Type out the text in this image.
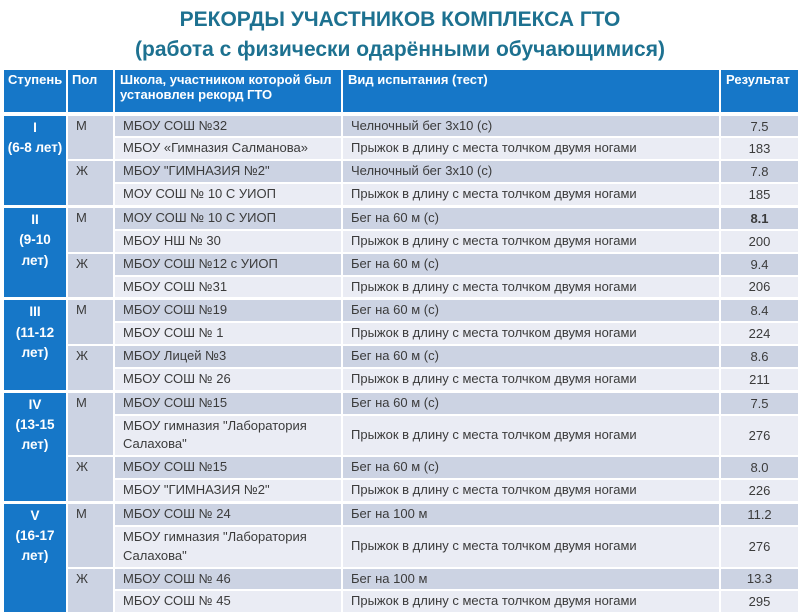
РЕКОРДЫ УЧАСТНИКОВ КОМПЛЕКСА ГТО
(работа с физически одарёнными обучающимися)
Ступень	Пол	Школа, участником которой был установлен рекорд ГТО	Вид испытания (тест)	Результат

I
(6-8 лет)	М	МБОУ СОШ №32	Челночный бег 3х10 (с)	7.5
		МБОУ «Гимназия Салманова»	Прыжок в длину с места толчком двумя ногами	183
	Ж	МБОУ "ГИМНАЗИЯ №2"	Челночный бег 3х10 (с)	7.8
		МОУ СОШ № 10 С УИОП	Прыжок в длину с места толчком двумя ногами	185

II
(9-10 лет)	М	МОУ СОШ № 10 С УИОП	Бег на 60 м (с)	8.1
		МБОУ НШ № 30	Прыжок в длину с места толчком двумя ногами	200
	Ж	МБОУ СОШ №12 с УИОП	Бег на 60 м (с)	9.4
		МБОУ СОШ №31	Прыжок в длину с места толчком двумя ногами	206

III
(11-12 лет)	М	МБОУ СОШ №19	Бег на 60 м (с)	8.4
		МБОУ СОШ № 1	Прыжок в длину с места толчком двумя ногами	224
	Ж	МБОУ Лицей №3	Бег на 60 м (с)	8.6
		МБОУ СОШ № 26	Прыжок в длину с места толчком двумя ногами	211

IV
(13-15 лет)	М	МБОУ СОШ №15	Бег на 60 м (с)	7.5
		МБОУ гимназия "Лаборатория Салахова"	Прыжок в длину с места толчком двумя ногами	276
	Ж	МБОУ СОШ №15	Бег на 60 м (с)	8.0
		МБОУ "ГИМНАЗИЯ №2"	Прыжок в длину с места толчком двумя ногами	226

V
(16-17 лет)	М	МБОУ СОШ № 24	Бег на 100 м	11.2
		МБОУ гимназия "Лаборатория Салахова"	Прыжок в длину с места толчком двумя ногами	276
	Ж	МБОУ СОШ № 46	Бег на 100 м	13.3
		МБОУ СОШ № 45	Прыжок в длину с места толчком двумя ногами	295
